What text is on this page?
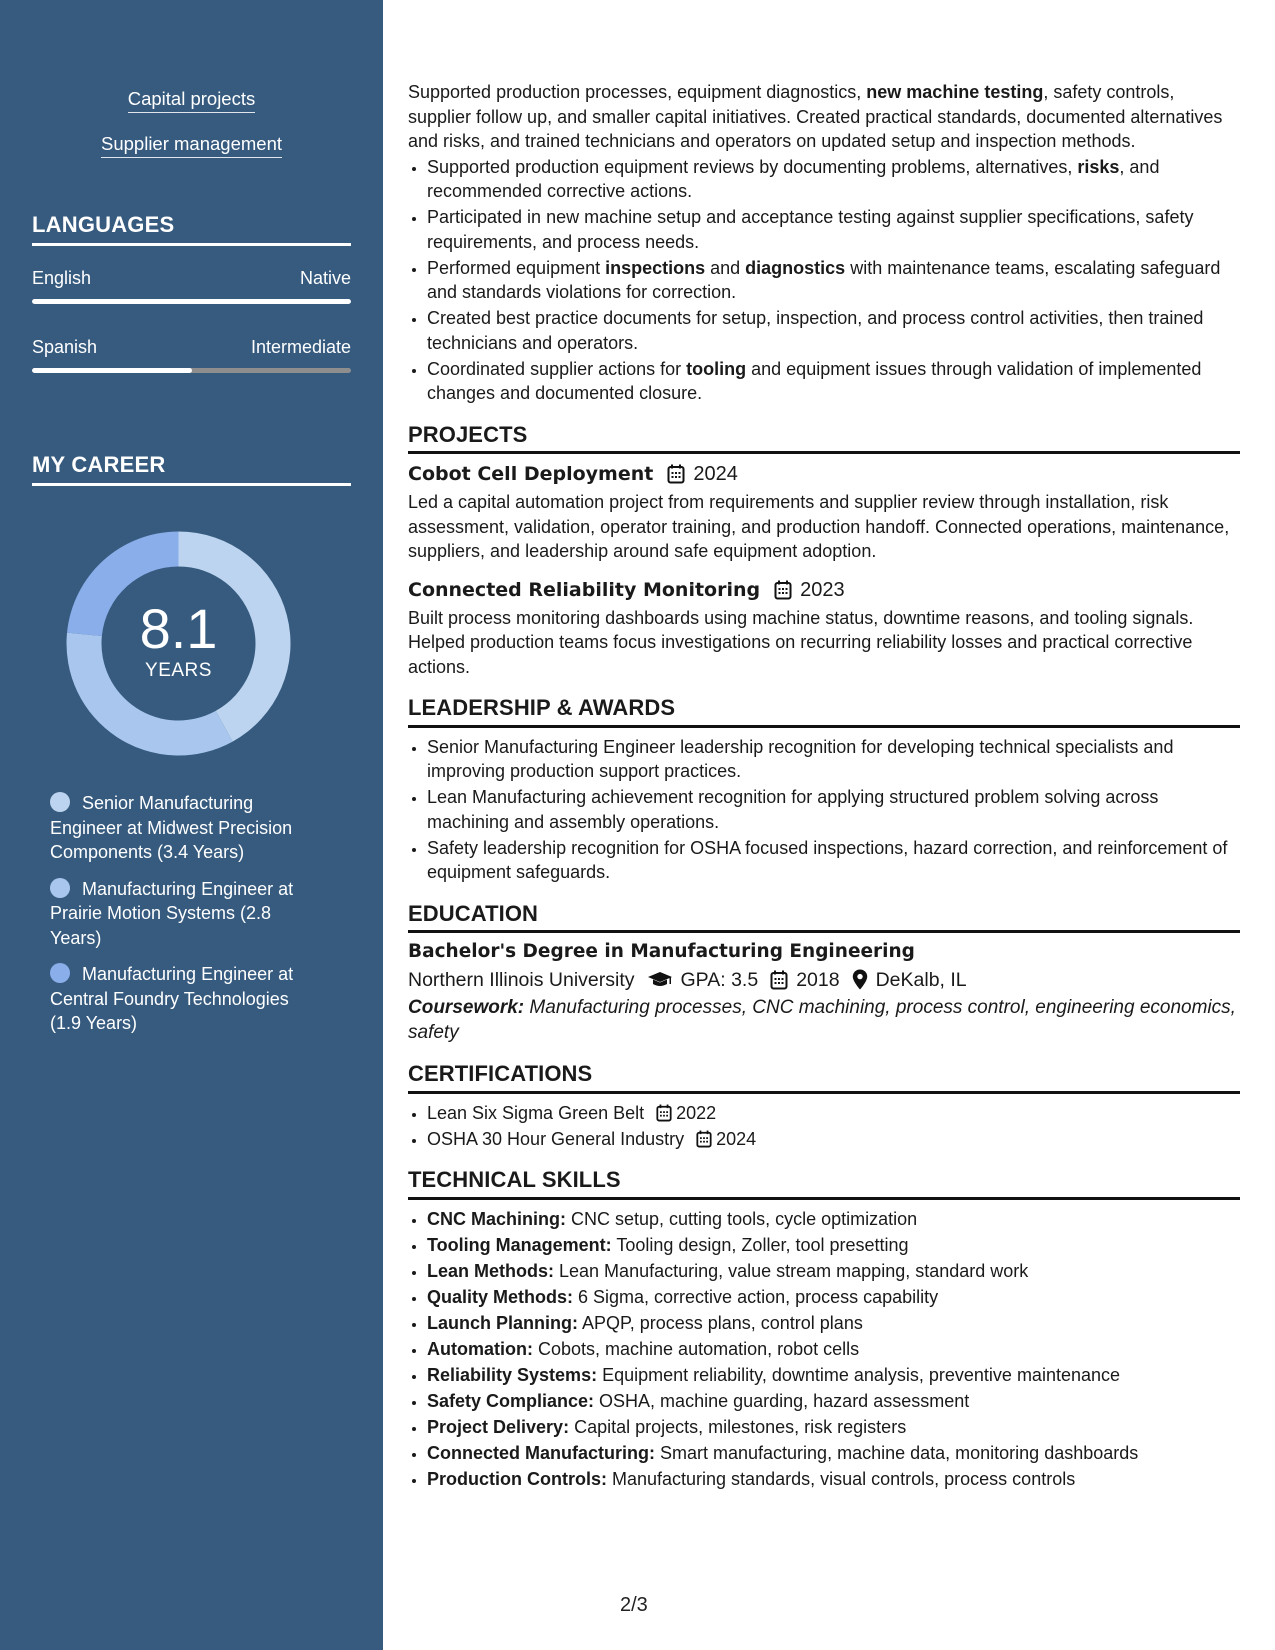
Capital projects
Supplier management
LANGUAGES
English	Native
Spanish	Intermediate
MY CAREER
8.1
YEARS
Senior Manufacturing Engineer at Midwest Precision Components (3.4 Years)
Manufacturing Engineer at Prairie Motion Systems (2.8 Years)
Manufacturing Engineer at Central Foundry Technologies (1.9 Years)

Supported production processes, equipment diagnostics, new machine testing, safety controls, supplier follow up, and smaller capital initiatives. Created practical standards, documented alternatives and risks, and trained technicians and operators on updated setup and inspection methods.

• Supported production equipment reviews by documenting problems, alternatives, risks, and recommended corrective actions.
• Participated in new machine setup and acceptance testing against supplier specifications, safety requirements, and process needs.
• Performed equipment inspections and diagnostics with maintenance teams, escalating safeguard and standards violations for correction.
• Created best practice documents for setup, inspection, and process control activities, then trained technicians and operators.
• Coordinated supplier actions for tooling and equipment issues through validation of implemented changes and documented closure.
PROJECTS
Cobot Cell Deployment 2024

Led a capital automation project from requirements and supplier review through installation, risk assessment, validation, operator training, and production handoff. Connected operations, maintenance, suppliers, and leadership around safe equipment adoption.

Connected Reliability Monitoring 2023

Built process monitoring dashboards using machine status, downtime reasons, and tooling signals. Helped production teams focus investigations on recurring reliability losses and practical corrective actions.

LEADERSHIP & AWARDS
• Senior Manufacturing Engineer leadership recognition for developing technical specialists and improving production support practices.
• Lean Manufacturing achievement recognition for applying structured problem solving across machining and assembly operations.
• Safety leadership recognition for OSHA focused inspections, hazard correction, and reinforcement of equipment safeguards.
EDUCATION
Bachelor's Degree in Manufacturing Engineering
Northern Illinois University GPA: 3.5 2018 DeKalb, IL

Coursework: Manufacturing processes, CNC machining, process control, engineering economics, safety

CERTIFICATIONS
• Lean Six Sigma Green Belt 2022
• OSHA 30 Hour General Industry 2024
TECHNICAL SKILLS
• CNC Machining: CNC setup, cutting tools, cycle optimization
• Tooling Management: Tooling design, Zoller, tool presetting
• Lean Methods: Lean Manufacturing, value stream mapping, standard work
• Quality Methods: 6 Sigma, corrective action, process capability
• Launch Planning: APQP, process plans, control plans
• Automation: Cobots, machine automation, robot cells
• Reliability Systems: Equipment reliability, downtime analysis, preventive maintenance
• Safety Compliance: OSHA, machine guarding, hazard assessment
• Project Delivery: Capital projects, milestones, risk registers
• Connected Manufacturing: Smart manufacturing, machine data, monitoring dashboards
• Production Controls: Manufacturing standards, visual controls, process controls
2/3
